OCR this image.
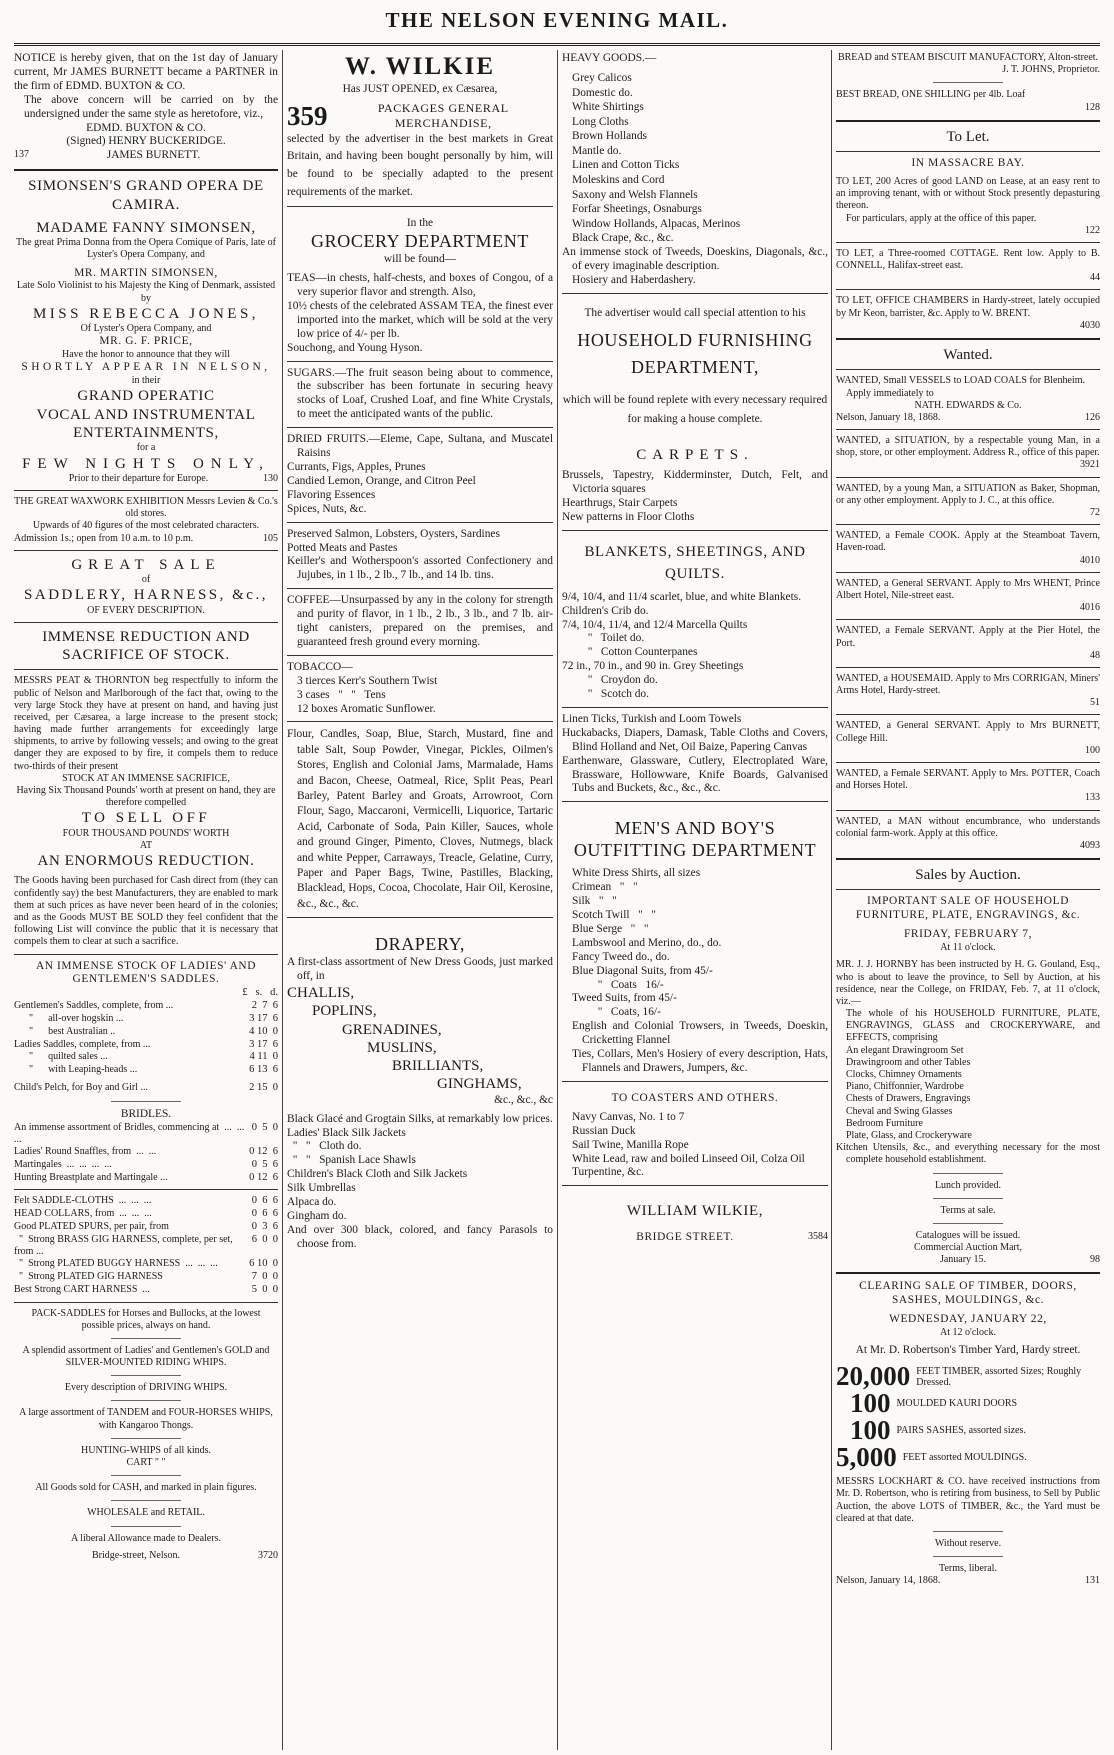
THE NELSON EVENING MAIL.

NOTICE is hereby given, that on the 1st day of January current, Mr JAMES BURNETT became a PARTNER in the firm of EDMD. BUXTON & CO.

The above concern will be carried on by the undersigned under the same style as heretofore, viz.,

EDMD. BUXTON & CO.

(Signed) HENRY BUCKERIDGE.

137	JAMES BURNETT.

SIMONSEN'S GRAND OPERA DE CAMIRA.

MADAME FANNY SIMONSEN,

The great Prima Donna from the Opera Comique of Paris, late of Lyster's Opera Company, and

MR. MARTIN SIMONSEN,

Late Solo Violinist to his Majesty the King of Denmark, assisted by

MISS REBECCA JONES,

Of Lyster's Opera Company, and

MR. G. F. PRICE,

Have the honor to announce that they will

SHORTLY APPEAR IN NELSON,

in their

GRAND OPERATIC

VOCAL AND INSTRUMENTAL

ENTERTAINMENTS,

for a

FEW NIGHTS ONLY,

Prior to their departure for Europe.	130

THE GREAT WAXWORK EXHIBITION Messrs Levien & Co.'s old stores.

Upwards of 40 figures of the most celebrated characters.

Admission 1s.; open from 10 a.m. to 10 p.m.	105

GREAT SALE

of

SADDLERY, HARNESS, &c.,

OF EVERY DESCRIPTION.

IMMENSE REDUCTION AND SACRIFICE OF STOCK.

MESSRS PEAT & THORNTON beg respectfully to inform the public of Nelson and Marlborough of the fact that, owing to the very large Stock they have at present on hand, and having just received, per Cæsarea, a large increase to the present stock; having made further arrangements for exceedingly large shipments, to arrive by following vessels; and owing to the great danger they are exposed to by fire, it compels them to reduce two-thirds of their present

STOCK AT AN IMMENSE SACRIFICE,

Having Six Thousand Pounds' worth at present on hand, they are therefore compelled

TO SELL OFF

FOUR THOUSAND POUNDS' WORTH

AT

AN ENORMOUS REDUCTION.

The Goods having been purchased for Cash direct from (they can confidently say) the best Manufacturers, they are enabled to mark them at such prices as have never been heard of in the colonies; and as the Goods MUST BE SOLD they feel confident that the following List will convince the public that it is necessary that compels them to clear at such a sacrifice.

AN IMMENSE STOCK OF LADIES' AND GENTLEMEN'S SADDLES.

£   s.   d.

Gentlemen's Saddles, complete, from ...	2  7  6
"      all-over hogskin ...	3 17  6
"      best Australian ..	4 10  0
Ladies Saddles, complete, from ...	3 17  6
"      quilted sales ...	4 11  0
"      with Leaping-heads ...	6 13  6
Child's Pelch, for Boy and Girl ...	2 15  0

BRIDLES.

An immense assortment of Bridles, commencing at  ...  ...  ...
0  5  0
Ladies' Round Snaffles, from  ...  ...	0 12  6
Martingales  ...  ...  ...  ...	0  5  6
Hunting Breastplate and Martingale ...	0 12  6
Felt SADDLE-CLOTHS  ...  ...  ...	0  6  6
HEAD COLLARS, from  ...  ...  ...	0  6  6
Good PLATED SPURS, per pair, from	0  3  6
"  Strong BRASS GIG HARNESS, complete, per set, from ...
6  0  0
"  Strong PLATED BUGGY HARNESS  ...  ...  ...	6 10  0
"  Strong PLATED GIG HARNESS	7  0  0
Best Strong CART HARNESS  ...	5  0  0

PACK-SADDLES for Horses and Bullocks, at the lowest possible prices, always on hand.

A splendid assortment of Ladies' and Gentlemen's GOLD and SILVER-MOUNTED RIDING WHIPS.

Every description of DRIVING WHIPS.

A large assortment of TANDEM and FOUR-HORSES WHIPS, with Kangaroo Thongs.

HUNTING-WHIPS of all kinds.

CART " "

All Goods sold for CASH, and marked in plain figures.

WHOLESALE and RETAIL.

A liberal Allowance made to Dealers.

Bridge-street, Nelson.	3720

W. WILKIE

Has JUST OPENED, ex Cæsarea,

359	PACKAGES GENERAL MERCHANDISE,

selected by the advertiser in the best markets in Great Britain, and having been bought personally by him, will be found to be specially adapted to the present requirements of the market.

In the

GROCERY DEPARTMENT

will be found—

TEAS—in chests, half-chests, and boxes of Congou, of a very superior flavor and strength. Also,

10½ chests of the celebrated ASSAM TEA, the finest ever imported into the market, which will be sold at the very low price of 4/- per lb.

Souchong, and Young Hyson.

SUGARS.—The fruit season being about to commence, the subscriber has been fortunate in securing heavy stocks of Loaf, Crushed Loaf, and fine White Crystals, to meet the anticipated wants of the public.

DRIED FRUITS.—Eleme, Cape, Sultana, and Muscatel Raisins

Currants, Figs, Apples, Prunes

Candied Lemon, Orange, and Citron Peel

Flavoring Essences

Spices, Nuts, &c.

Preserved Salmon, Lobsters, Oysters, Sardines

Potted Meats and Pastes

Keiller's and Wotherspoon's assorted Confectionery and Jujubes, in 1 lb., 2 lb., 7 lb., and 14 lb. tins.

COFFEE—Unsurpassed by any in the colony for strength and purity of flavor, in 1 lb., 2 lb., 3 lb., and 7 lb. air-tight canisters, prepared on the premises, and guaranteed fresh ground every morning.

TOBACCO—

3 tierces Kerr's Southern Twist

3 cases   "   "   Tens

12 boxes Aromatic Sunflower.

Flour, Candles, Soap, Blue, Starch, Mustard, fine and table Salt, Soup Powder, Vinegar, Pickles, Oilmen's Stores, English and Colonial Jams, Marmalade, Hams and Bacon, Cheese, Oatmeal, Rice, Split Peas, Pearl Barley, Patent Barley and Groats, Arrowroot, Corn Flour, Sago, Maccaroni, Vermicelli, Liquorice, Tartaric Acid, Carbonate of Soda, Pain Killer, Sauces, whole and ground Ginger, Pimento, Cloves, Nutmegs, black and white Pepper, Carraways, Treacle, Gelatine, Curry, Paper and Paper Bags, Twine, Pastilles, Blacking, Blacklead, Hops, Cocoa, Chocolate, Hair Oil, Kerosine, &c., &c., &c.

DRAPERY,

A first-class assortment of New Dress Goods, just marked off, in

CHALLIS,

POPLINS,

GRENADINES,

MUSLINS,

BRILLIANTS,

GINGHAMS,

&c., &c., &c

Black Glacé and Grogtain Silks, at remarkably low prices.

Ladies' Black Silk Jackets

"   "   Cloth do.

"   "   Spanish Lace Shawls

Children's Black Cloth and Silk Jackets

Silk Umbrellas

Alpaca do.

Gingham do.

And over 300 black, colored, and fancy Parasols to choose from.

HEAVY GOODS.—

Grey Calicos

Domestic do.

White Shirtings

Long Cloths

Brown Hollands

Mantle do.

Linen and Cotton Ticks

Moleskins and Cord

Saxony and Welsh Flannels

Forfar Sheetings, Osnaburgs

Window Hollands, Alpacas, Merinos

Black Crape, &c., &c.

An immense stock of Tweeds, Doeskins, Diagonals, &c., of every imaginable description.

Hosiery and Haberdashery.

The advertiser would call special attention to his

HOUSEHOLD FURNISHING DEPARTMENT,

which will be found replete with every necessary required for making a house complete.

CARPETS.

Brussels, Tapestry, Kidderminster, Dutch, Felt, and Victoria squares

Hearthrugs, Stair Carpets

New patterns in Floor Cloths

BLANKETS, SHEETINGS, AND QUILTS.

9/4, 10/4, and 11/4 scarlet, blue, and white Blankets.

Children's Crib do.

7/4, 10/4, 11/4, and 12/4 Marcella Quilts

"   Toilet do.

"   Cotton Counterpanes

72 in., 70 in., and 90 in. Grey Sheetings

"   Croydon do.

"   Scotch do.

Linen Ticks, Turkish and Loom Towels

Huckabacks, Diapers, Damask, Table Cloths and Covers, Blind Holland and Net, Oil Baize, Papering Canvas

Earthenware, Glassware, Cutlery, Electroplated Ware, Brassware, Hollowware, Knife Boards, Galvanised Tubs and Buckets, &c., &c., &c.

MEN'S AND BOY'S

OUTFITTING DEPARTMENT

White Dress Shirts, all sizes

Crimean   "   "

Silk   "   "

Scotch Twill   "   "

Blue Serge   "   "

Lambswool and Merino, do., do.

Fancy Tweed do., do.

Blue Diagonal Suits, from 45/-

"   Coats   16/-

Tweed Suits, from 45/-

"   Coats, 16/-

English and Colonial Trowsers, in Tweeds, Doeskin, Cricketting Flannel

Ties, Collars, Men's Hosiery of every description, Hats, Flannels and Drawers, Jumpers, &c.

TO COASTERS AND OTHERS.

Navy Canvas, No. 1 to 7

Russian Duck

Sail Twine, Manilla Rope

White Lead, raw and boiled Linseed Oil, Colza Oil

Turpentine, &c.

WILLIAM WILKIE,

BRIDGE STREET.	3584

BREAD and STEAM BISCUIT MANUFACTORY, Alton-street.

J. T. JOHNS, Proprietor.

BEST BREAD, ONE SHILLING per 4lb. Loaf

128

To Let.

IN MASSACRE BAY.

TO LET, 200 Acres of good LAND on Lease, at an easy rent to an improving tenant, with or without Stock presently depasturing thereon.

For particulars, apply at the office of this paper.

122

TO LET, a Three-roomed COTTAGE. Rent low. Apply to B. CONNELL, Halifax-street east.

44

TO LET, OFFICE CHAMBERS in Hardy-street, lately occupied by Mr Keon, barrister, &c. Apply to W. BRENT.

4030

Wanted.

WANTED, Small VESSELS to LOAD COALS for Blenheim.

Apply immediately to

NATH. EDWARDS & Co.

Nelson, January 18, 1868.	126

WANTED, a SITUATION, by a respectable young Man, in a shop, store, or other employment. Address R., office of this paper.

3921

WANTED, by a young Man, a SITUATION as Baker, Shopman, or any other employment. Apply to J. C., at this office.

72

WANTED, a Female COOK. Apply at the Steamboat Tavern, Haven-road.

4010

WANTED, a General SERVANT. Apply to Mrs WHENT, Prince Albert Hotel, Nile-street east.

4016

WANTED, a Female SERVANT. Apply at the Pier Hotel, the Port.

48

WANTED, a HOUSEMAID. Apply to Mrs CORRIGAN, Miners' Arms Hotel, Hardy-street.

51

WANTED, a General SERVANT. Apply to Mrs BURNETT, College Hill.

100

WANTED, a Female SERVANT. Apply to Mrs. POTTER, Coach and Horses Hotel.

133

WANTED, a MAN without encumbrance, who understands colonial farm-work. Apply at this office.

4093

Sales by Auction.

IMPORTANT SALE OF HOUSEHOLD FURNITURE, PLATE, ENGRAVINGS, &c.

FRIDAY, FEBRUARY 7,

At 11 o'clock.

MR. J. J. HORNBY has been instructed by H. G. Gouland, Esq., who is about to leave the province, to Sell by Auction, at his residence, near the College, on FRIDAY, Feb. 7, at 11 o'clock, viz.—

The whole of his HOUSEHOLD FURNITURE, PLATE, ENGRAVINGS, GLASS and CROCKERYWARE, and EFFECTS, comprising

An elegant Drawingroom Set

Drawingroom and other Tables

Clocks, Chimney Ornaments

Piano, Chiffonnier, Wardrobe

Chests of Drawers, Engravings

Cheval and Swing Glasses

Bedroom Furniture

Plate, Glass, and Crockeryware

Kitchen Utensils, &c., and everything necessary for the most complete household establishment.

Lunch provided.

Terms at sale.

Catalogues will be issued.

Commercial Auction Mart,

January 15.	98

CLEARING SALE OF TIMBER, DOORS, SASHES, MOULDINGS, &c.

WEDNESDAY, JANUARY 22,

At 12 o'clock.

At Mr. D. Robertson's Timber Yard, Hardy street.

20,000 FEET TIMBER, assorted Sizes; Roughly Dressed.
100 MOULDED KAURI DOORS
100 PAIRS SASHES, assorted sizes.
5,000 FEET assorted MOULDINGS.

MESSRS LOCKHART & CO. have received instructions from Mr. D. Robertson, who is retiring from business, to Sell by Public Auction, the above LOTS of TIMBER, &c., the Yard must be cleared at that date.

Without reserve.

Terms, liberal.

Nelson, January 14, 1868.	131
